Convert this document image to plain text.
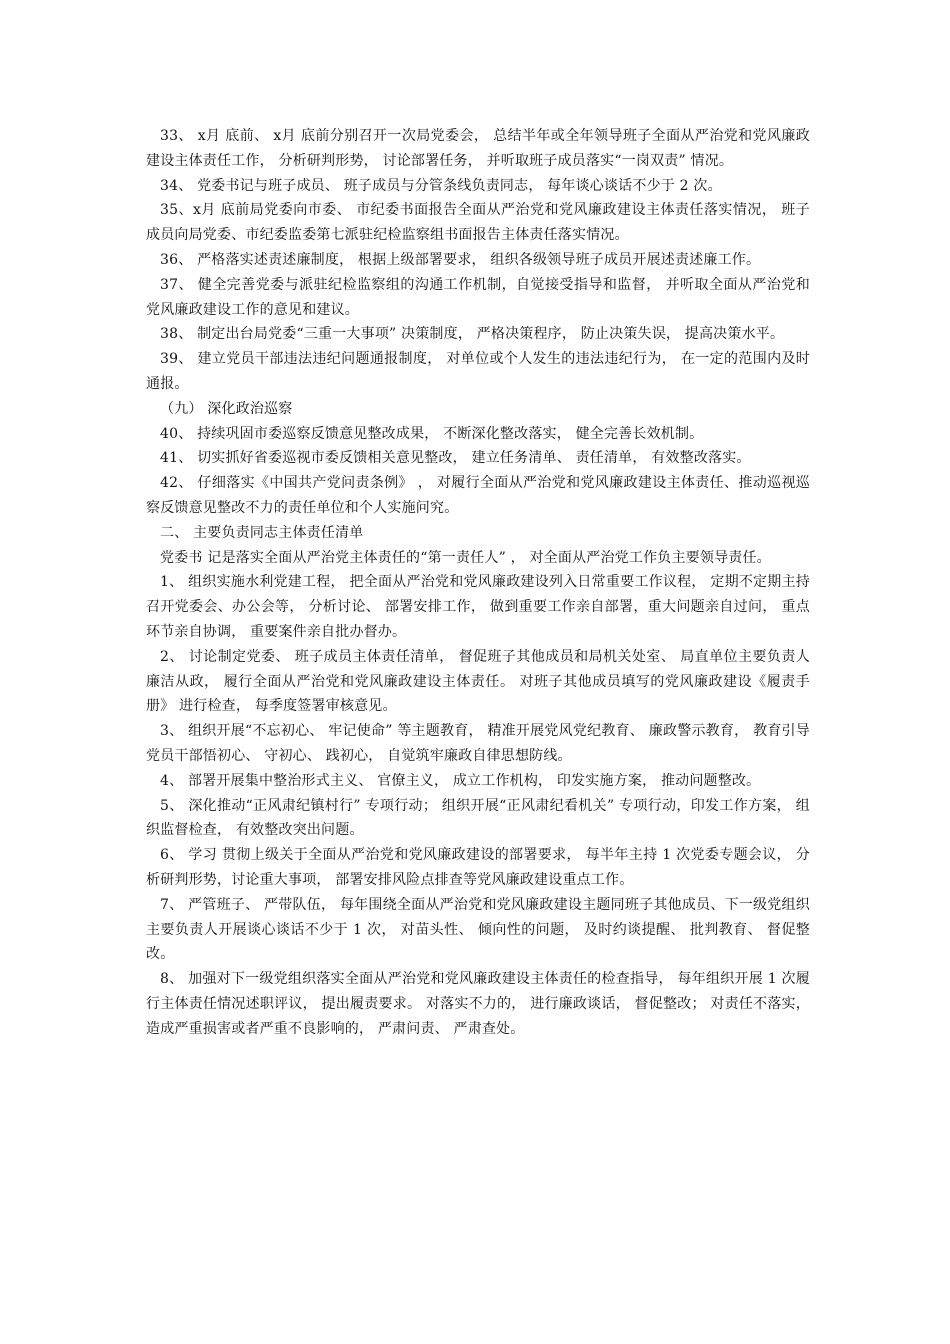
33、 x月 底前、 x月 底前分别召开一次局党委会， 总结半年或全年领导班子全面从严治党和党风廉政建设主体责任工作， 分析研判形势， 讨论部署任务， 并听取班子成员落实“一岗双责” 情况。

34、 党委书记与班子成员、 班子成员与分管条线负责同志， 每年谈心谈话不少于 2 次。

35、x月 底前局党委向市委、 市纪委书面报告全面从严治党和党风廉政建设主体责任落实情况， 班子成员向局党委、市纪委监委第七派驻纪检监察组书面报告主体责任落实情况。

36、 严格落实述责述廉制度， 根据上级部署要求， 组织各级领导班子成员开展述责述廉工作。

37、 健全完善党委与派驻纪检监察组的沟通工作机制，自觉接受指导和监督， 并听取全面从严治党和党风廉政建设工作的意见和建议。

38、 制定出台局党委“三重一大事项” 决策制度， 严格决策程序， 防止决策失误， 提高决策水平。

39、 建立党员干部违法违纪问题通报制度， 对单位或个人发生的违法违纪行为， 在一定的范围内及时通报。

（九） 深化政治巡察

40、 持续巩固市委巡察反馈意见整改成果， 不断深化整改落实， 健全完善长效机制。

41、 切实抓好省委巡视市委反馈相关意见整改， 建立任务清单、 责任清单， 有效整改落实。

42、 仔细落实《中国共产党问责条例》 ， 对履行全面从严治党和党风廉政建设主体责任、推动巡视巡察反馈意见整改不力的责任单位和个人实施问究。

二、 主要负责同志主体责任清单

党委书 记是落实全面从严治党主体责任的“第一责任人” ， 对全面从严治党工作负主要领导责任。

1、 组织实施水利党建工程， 把全面从严治党和党风廉政建设列入日常重要工作议程， 定期不定期主持召开党委会、办公会等， 分析讨论、 部署安排工作， 做到重要工作亲自部署，重大问题亲自过问， 重点环节亲自协调， 重要案件亲自批办督办。

2、 讨论制定党委、 班子成员主体责任清单， 督促班子其他成员和局机关处室、 局直单位主要负责人廉洁从政， 履行全面从严治党和党风廉政建设主体责任。 对班子其他成员填写的党风廉政建设《履责手册》 进行检查， 每季度签署审核意见。

3、 组织开展“不忘初心、 牢记使命” 等主题教育， 精准开展党风党纪教育、 廉政警示教育， 教育引导党员干部悟初心、 守初心、 践初心， 自觉筑牢廉政自律思想防线。

4、 部署开展集中整治形式主义、 官僚主义， 成立工作机构， 印发实施方案， 推动问题整改。

5、 深化推动“正风肃纪镇村行” 专项行动； 组织开展“正风肃纪看机关” 专项行动，印发工作方案， 组织监督检查， 有效整改突出问题。

6、 学习 贯彻上级关于全面从严治党和党风廉政建设的部署要求， 每半年主持 1 次党委专题会议， 分析研判形势，讨论重大事项， 部署安排风险点排查等党风廉政建设重点工作。

7、 严管班子、 严带队伍， 每年围绕全面从严治党和党风廉政建设主题同班子其他成员、下一级党组织主要负责人开展谈心谈话不少于 1 次， 对苗头性、 倾向性的问题， 及时约谈提醒、 批判教育、 督促整改。

8、 加强对下一级党组织落实全面从严治党和党风廉政建设主体责任的检查指导， 每年组织开展 1 次履行主体责任情况述职评议， 提出履责要求。 对落实不力的， 进行廉政谈话， 督促整改； 对责任不落实， 造成严重损害或者严重不良影响的， 严肃问责、 严肃查处。
